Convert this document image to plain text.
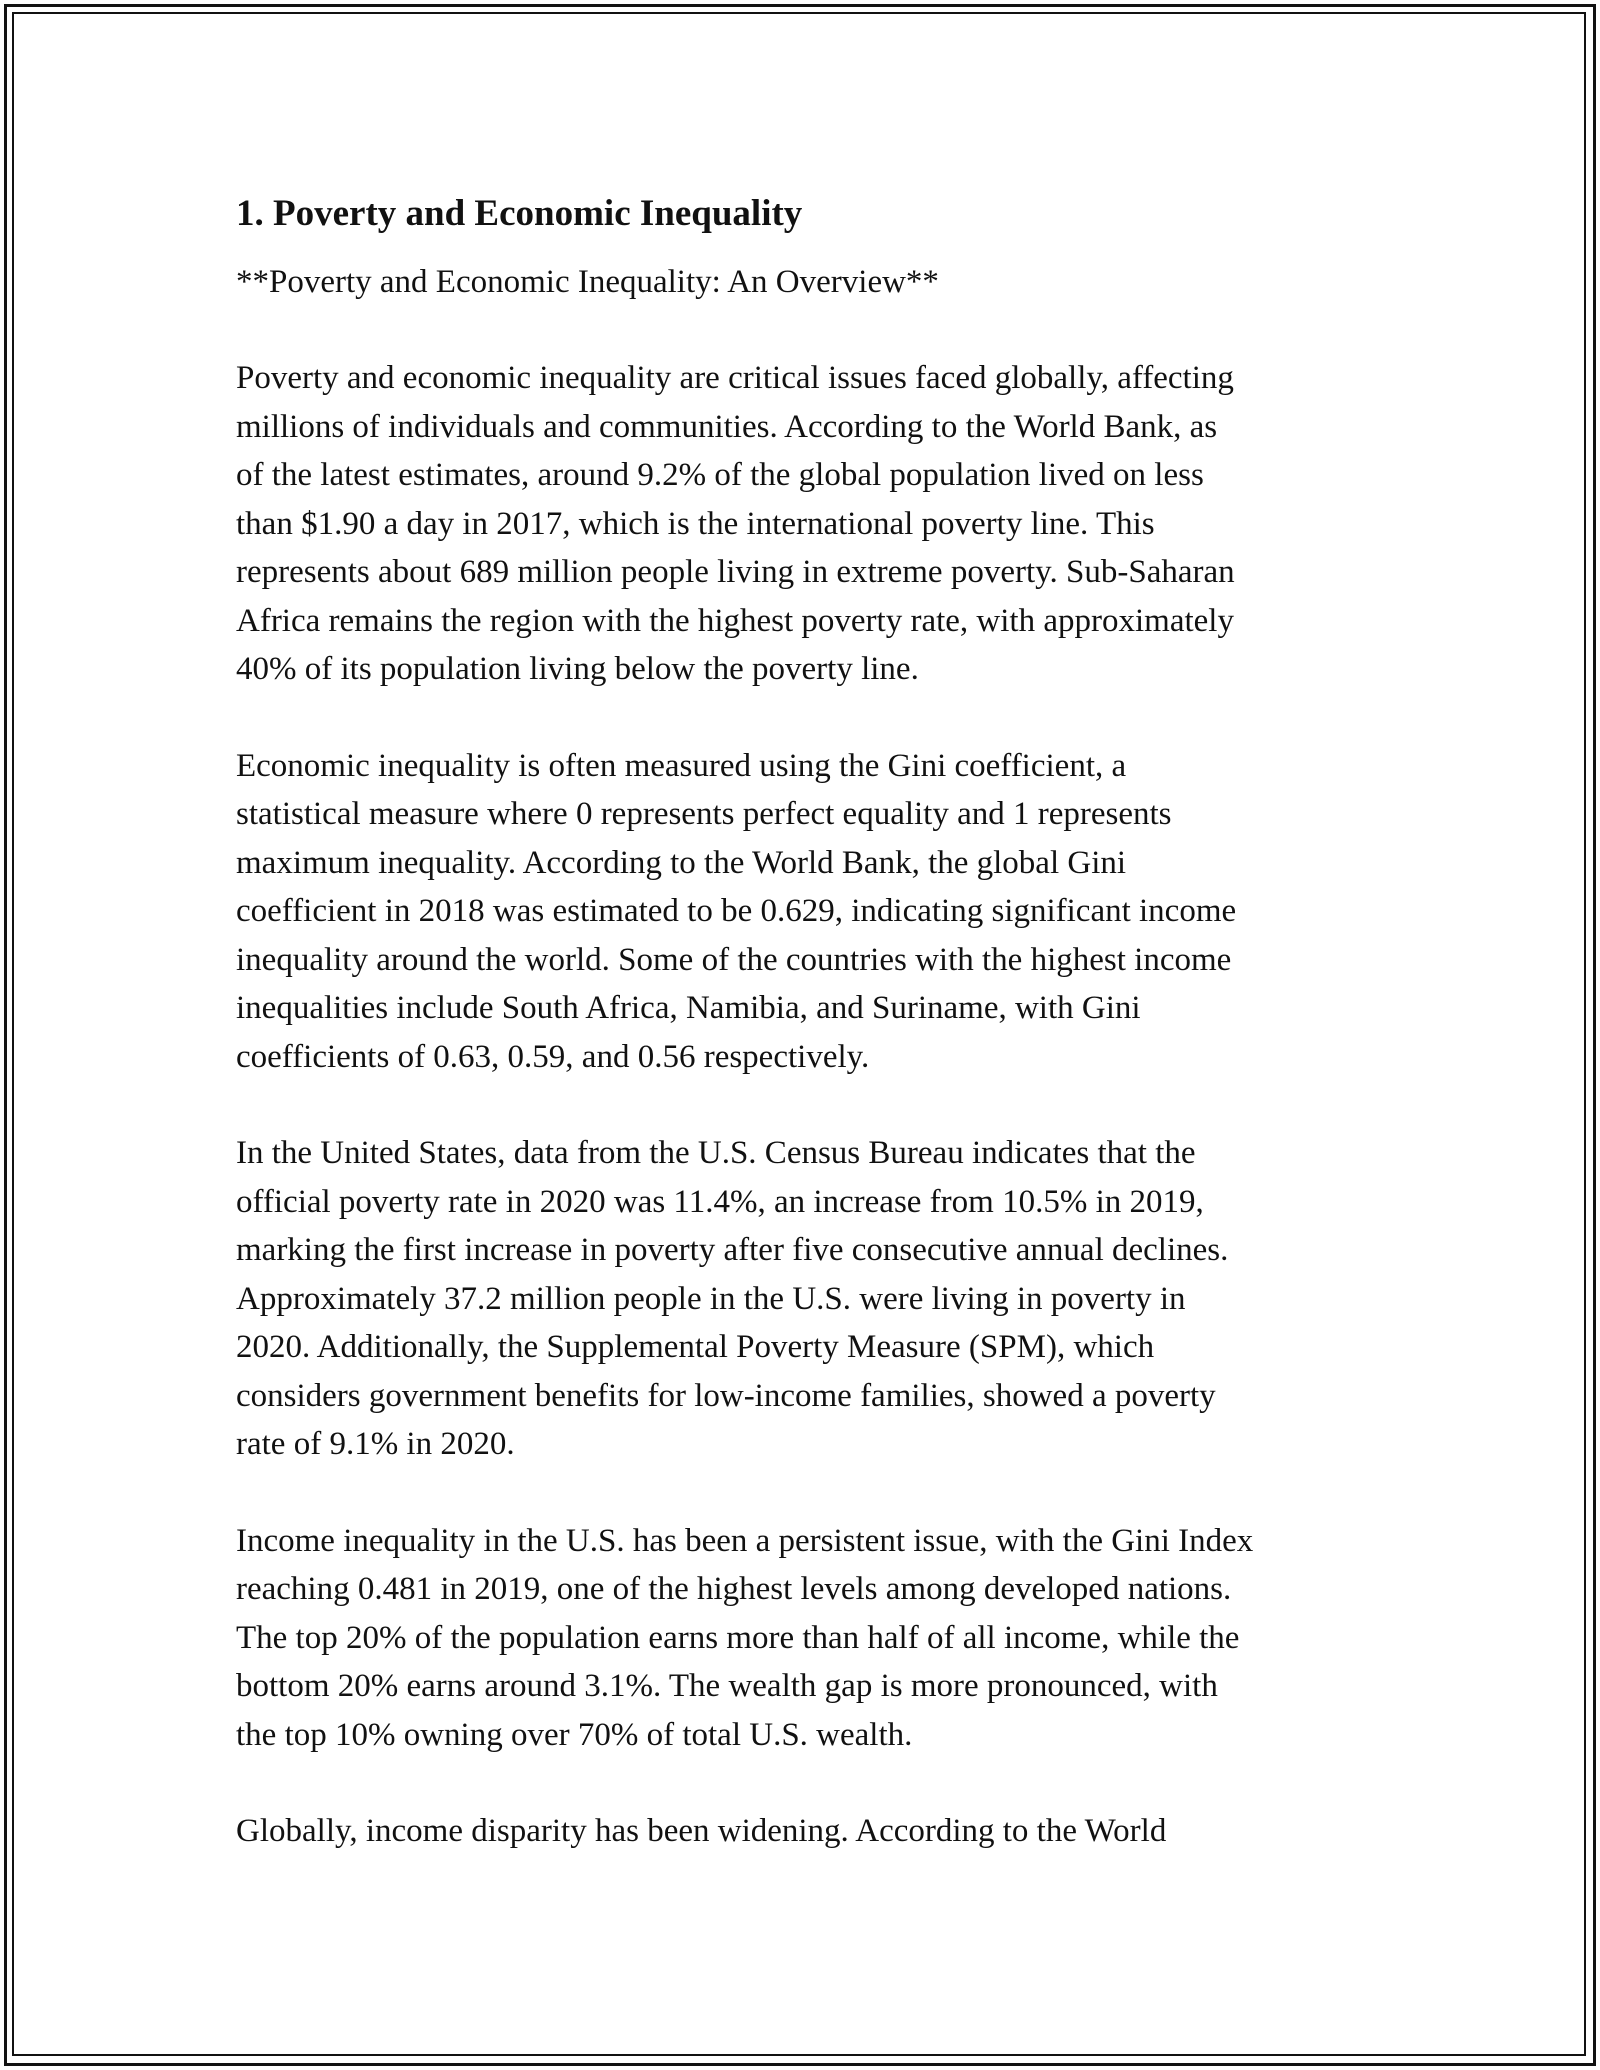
1. Poverty and Economic Inequality

**Poverty and Economic Inequality: An Overview**

Poverty and economic inequality are critical issues faced globally, affecting
millions of individuals and communities. According to the World Bank, as
of the latest estimates, around 9.2% of the global population lived on less
than $1.90 a day in 2017, which is the international poverty line. This
represents about 689 million people living in extreme poverty. Sub-Saharan
Africa remains the region with the highest poverty rate, with approximately
40% of its population living below the poverty line.

Economic inequality is often measured using the Gini coefficient, a
statistical measure where 0 represents perfect equality and 1 represents
maximum inequality. According to the World Bank, the global Gini
coefficient in 2018 was estimated to be 0.629, indicating significant income
inequality around the world. Some of the countries with the highest income
inequalities include South Africa, Namibia, and Suriname, with Gini
coefficients of 0.63, 0.59, and 0.56 respectively.

In the United States, data from the U.S. Census Bureau indicates that the
official poverty rate in 2020 was 11.4%, an increase from 10.5% in 2019,
marking the first increase in poverty after five consecutive annual declines.
Approximately 37.2 million people in the U.S. were living in poverty in
2020. Additionally, the Supplemental Poverty Measure (SPM), which
considers government benefits for low-income families, showed a poverty
rate of 9.1% in 2020.

Income inequality in the U.S. has been a persistent issue, with the Gini Index
reaching 0.481 in 2019, one of the highest levels among developed nations.
The top 20% of the population earns more than half of all income, while the
bottom 20% earns around 3.1%. The wealth gap is more pronounced, with
the top 10% owning over 70% of total U.S. wealth.

Globally, income disparity has been widening. According to the World
